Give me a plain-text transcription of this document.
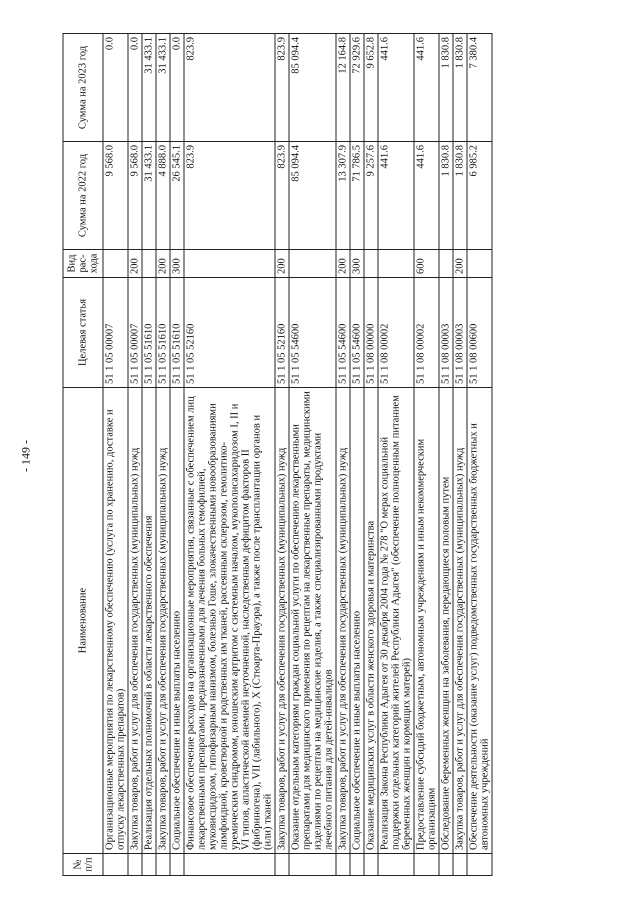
- 149 -
№ п/п	Наименование	Целевая статья	Вид рас-хода	Сумма на 2022 год	Сумма на 2023 год
	Организационные мероприятия по лекарственному обеспечению (услуга по хранению, доставке и отпуску лекарственных препаратов)	51 1 05 00007		9 568.0	0.0
	Закупка товаров, работ и услуг для обеспечения государственных (муниципальных) нужд	51 1 05 00007	200	9 568.0	0.0
	Реализация отдельных полномочий в области лекарственного обеспечения	51 1 05 51610		31 433.1	31 433.1
	Закупка товаров, работ и услуг для обеспечения государственных (муниципальных) нужд	51 1 05 51610	200	4 888.0	31 433.1
	Социальное обеспечение и иные выплаты населению	51 1 05 51610	300	26 545.1	0.0
	Финансовое обеспечение расходов на организационные мероприятия, связанные с обеспечением лиц лекарственными препаратами, предназначенными для лечения больных гемофилией, муковисцидозом, гипофизарным нанизмом, болезнью Гоше, злокачественными новообразованиями лимфоидной, кроветворной и родственных им тканей, рассеянным склерозом, гемолитико-уремическим синдромом, юношеским артритом с системным началом, мукополисахаридозом I, II и VI типов, апластической анемией неуточненной, наследственным дефицитом факторов II (фибриногена), VII (лабильного), X (Стюарта-Прауэра), а также после трансплантации органов и (или) тканей	51 1 05 52160		823.9	823.9
	Закупка товаров, работ и услуг для обеспечения государственных (муниципальных) нужд	51 1 05 52160	200	823.9	823.9
	Оказание отдельным категориям граждан социальной услуги по обеспечению лекарственными препаратами для медицинского применения по рецептам на лекарственные препараты, медицинскими изделиями по рецептам на медицинские изделия, а также специализированными продуктами лечебного питания для детей-инвалидов	51 1 05 54600		85 094.4	85 094.4
	Закупка товаров, работ и услуг для обеспечения государственных (муниципальных) нужд	51 1 05 54600	200	13 307.9	12 164.8
	Социальное обеспечение и иные выплаты населению	51 1 05 54600	300	71 786.5	72 929.6
	Оказание медицинских услуг в области женского здоровья и материнства	51 1 08 00000		9 257.6	9 652.8
	Реализация Закона Республики Адыгея от 30 декабря 2004 года № 278 "О мерах социальной поддержки отдельных категорий жителей Республики Адыгея" (обеспечение полноценным питанием беременных женщин и кормящих матерей)	51 1 08 00002		441.6	441.6
	Предоставление субсидий бюджетным, автономным учреждениям и иным некоммерческим организациям	51 1 08 00002	600	441.6	441.6
	Обследование беременных женщин на заболевания, передающиеся половым путем	51 1 08 00003		1 830.8	1 830.8
	Закупка товаров, работ и услуг для обеспечения государственных (муниципальных) нужд	51 1 08 00003	200	1 830.8	1 830.8
	Обеспечение деятельности (оказание услуг) подведомственных государственных бюджетных и автономных учреждений	51 1 08 00600		6 985.2	7 380.4
